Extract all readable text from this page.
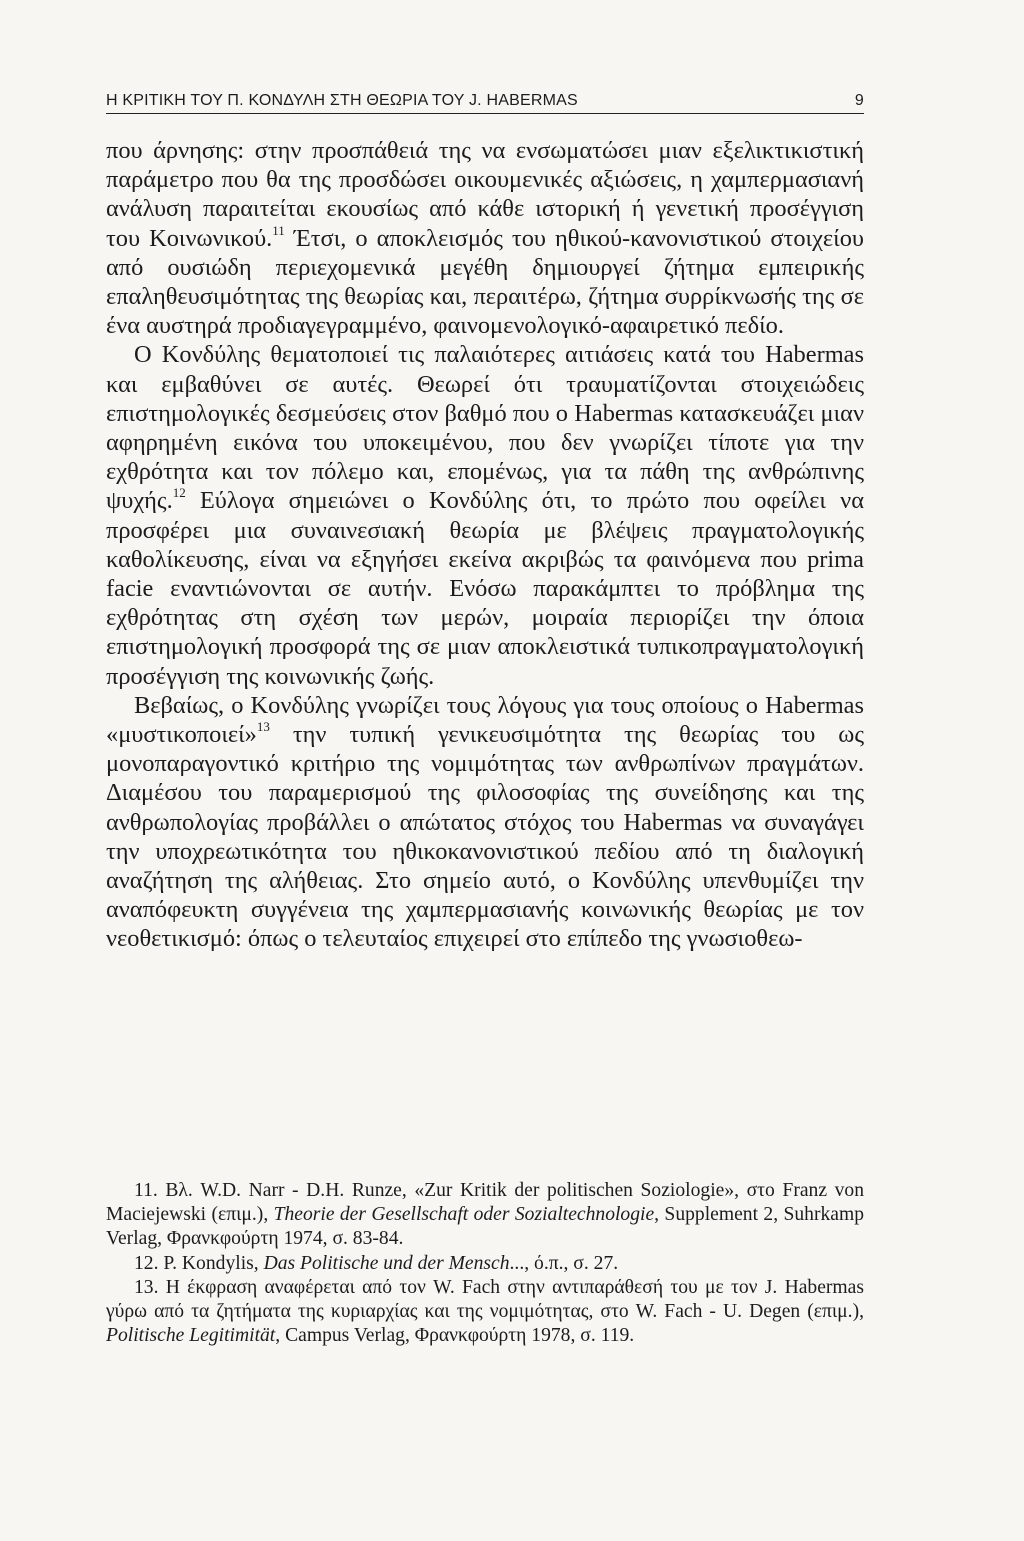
Η ΚΡΙΤΙΚΗ ΤΟΥ Π. ΚΟΝΔΥΛΗ ΣΤΗ ΘΕΩΡΙΑ ΤΟΥ J. HABERMAS	9

που άρνησης: στην προσπάθειά της να ενσωματώσει μιαν εξελικτικιστική παράμετρο που θα της προσδώσει οικουμενικές αξιώσεις, η χαμπερμασιανή ανάλυση παραιτείται εκουσίως από κάθε ιστορική ή γενετική προσέγγιση του Κοινωνικού.$^{11}$ Έτσι, ο αποκλεισμός του ηθικού-κανονιστικού στοιχείου από ουσιώδη περιεχομενικά μεγέθη δημιουργεί ζήτημα εμπειρικής επαληθευσιμότητας της θεωρίας και, περαιτέρω, ζήτημα συρρίκνωσής της σε ένα αυστηρά προδιαγεγραμμένο, φαινομενολογικό-αφαιρετικό πεδίο.

Ο Κονδύλης θεματοποιεί τις παλαιότερες αιτιάσεις κατά του Habermas και εμβαθύνει σε αυτές. Θεωρεί ότι τραυματίζονται στοιχειώδεις επιστημολογικές δεσμεύσεις στον βαθμό που ο Habermas κατασκευάζει μιαν αφηρημένη εικόνα του υποκειμένου, που δεν γνωρίζει τίποτε για την εχθρότητα και τον πόλεμο και, επομένως, για τα πάθη της ανθρώπινης ψυχής.$^{12}$ Εύλογα σημειώνει ο Κονδύλης ότι, το πρώτο που οφείλει να προσφέρει μια συναινεσιακή θεωρία με βλέψεις πραγματολογικής καθολίκευσης, είναι να εξηγήσει εκείνα ακριβώς τα φαινόμενα που prima facie εναντιώνονται σε αυτήν. Ενόσω παρακάμπτει το πρόβλημα της εχθρότητας στη σχέση των μερών, μοιραία περιορίζει την όποια επιστημολογική προσφορά της σε μιαν αποκλειστικά τυπικοπραγματολογική προσέγγιση της κοινωνικής ζωής.

Βεβαίως, ο Κονδύλης γνωρίζει τους λόγους για τους οποίους ο Habermas «μυστικοποιεί»$^{13}$ την τυπική γενικευσιμότητα της θεωρίας του ως μονοπαραγοντικό κριτήριο της νομιμότητας των ανθρωπίνων πραγμάτων. Διαμέσου του παραμερισμού της φιλοσοφίας της συνείδησης και της ανθρωπολογίας προβάλλει ο απώτατος στόχος του Habermas να συναγάγει την υποχρεωτικότητα του ηθικοκανονιστικού πεδίου από τη διαλογική αναζήτηση της αλήθειας. Στο σημείο αυτό, ο Κονδύλης υπενθυμίζει την αναπόφευκτη συγγένεια της χαμπερμασιανής κοινωνικής θεωρίας με τον νεοθετικισμό: όπως ο τελευταίος επιχειρεί στο επίπεδο της γνωσιοθεω-

11. Βλ. W.D. Narr - D.H. Runze, «Zur Kritik der politischen Soziologie», στο Franz von Maciejewski (επιμ.), Theorie der Gesellschaft oder Sozialtechnologie, Supplement 2, Suhrkamp Verlag, Φρανκφούρτη 1974, σ. 83-84.

12. P. Kondylis, Das Politische und der Mensch..., ό.π., σ. 27.

13. Η έκφραση αναφέρεται από τον W. Fach στην αντιπαράθεσή του με τον J. Habermas γύρω από τα ζητήματα της κυριαρχίας και της νομιμότητας, στο W. Fach - U. Degen (επιμ.), Politische Legitimität, Campus Verlag, Φρανκφούρτη 1978, σ. 119.
